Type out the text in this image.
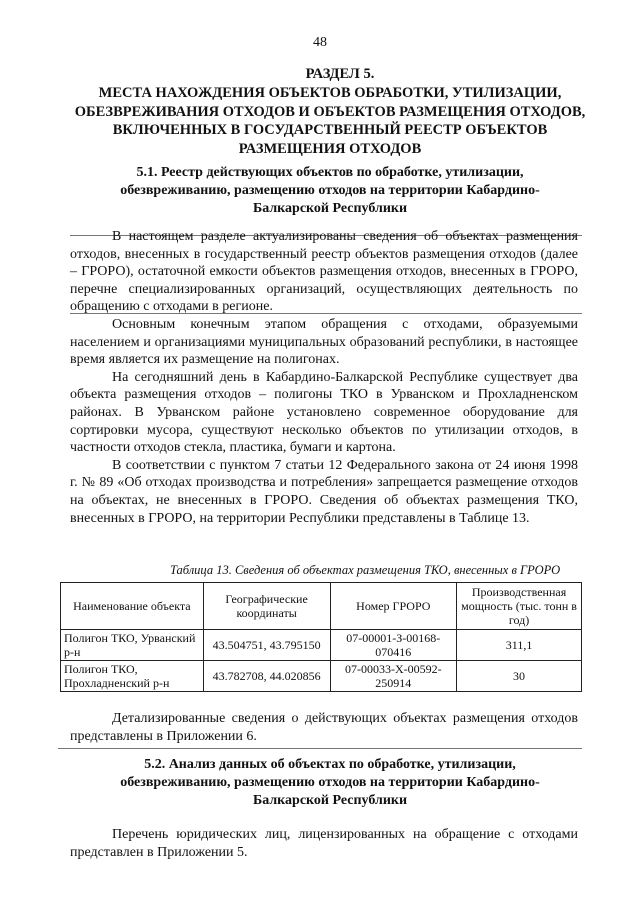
48
РАЗДЕЛ 5.
МЕСТА НАХОЖДЕНИЯ ОБЪЕКТОВ ОБРАБОТКИ, УТИЛИЗАЦИИ, ОБЕЗВРЕЖИВАНИЯ ОТХОДОВ И ОБЪЕКТОВ РАЗМЕЩЕНИЯ ОТХОДОВ, ВКЛЮЧЕННЫХ В ГОСУДАРСТВЕННЫЙ РЕЕСТР ОБЪЕКТОВ РАЗМЕЩЕНИЯ ОТХОДОВ
5.1. Реестр действующих объектов по обработке, утилизации, обезвреживанию, размещению отходов на территории Кабардино-Балкарской Республики

В настоящем разделе актуализированы сведения об объектах размещения отходов, внесенных в государственный реестр объектов размещения отходов (далее – ГРОРО), остаточной емкости объектов размещения отходов, внесенных в ГРОРО, перечне специализированных организаций, осуществляющих деятельность по обращению с отходами в регионе.

Основным конечным этапом обращения с отходами, образуемыми населением и организациями муниципальных образований республики, в настоящее время является их размещение на полигонах.

На сегодняшний день в Кабардино-Балкарской Республике существует два объекта размещения отходов – полигоны ТКО в Урванском и Прохладненском районах. В Урванском районе установлено современное оборудование для сортировки мусора, существуют несколько объектов по утилизации отходов, в частности отходов стекла, пластика, бумаги и картона.

В соответствии с пунктом 7 статьи 12 Федерального закона от 24 июня 1998 г. № 89 «Об отходах производства и потребления» запрещается размещение отходов на объектах, не внесенных в ГРОРО. Сведения об объектах размещения ТКО, внесенных в ГРОРО, на территории Республики представлены в Таблице 13.

Таблица 13. Сведения об объектах размещения ТКО, внесенных в ГРОРО
Наименование объекта	Географические координаты	Номер ГРОРО	Производственная мощность (тыс. тонн в год)
Полигон ТКО, Урванский р-н	43.504751, 43.795150	07-00001-З-00168-070416	311,1
Полигон ТКО, Прохладненский р-н	43.782708, 44.020856	07-00033-Х-00592-250914	30

Детализированные сведения о действующих объектах размещения отходов представлены в Приложении 6.

5.2. Анализ данных об объектах по обработке, утилизации, обезвреживанию, размещению отходов на территории Кабардино-Балкарской Республики

Перечень юридических лиц, лицензированных на обращение с отходами представлен в Приложении 5.
